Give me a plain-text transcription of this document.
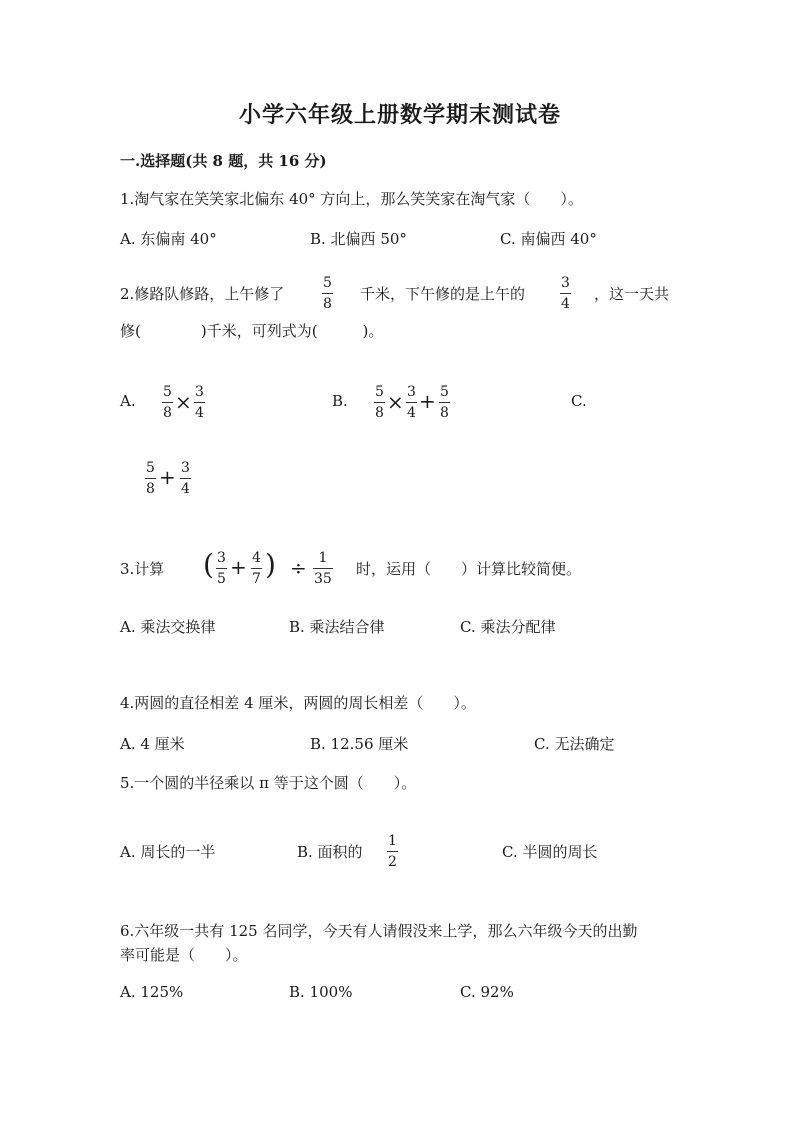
小学六年级上册数学期末测试卷
一.选择题(共 8 题，共 16 分)
1.淘气家在笑笑家北偏东 40° 方向上，那么笑笑家在淘气家（　　）。
A. 东偏南 40°	B. 北偏西 50°	C. 南偏西 40°
2.修路队修路，上午修了
5
8
千米，下午修的是上午的
3
4
，这一天共
修(　　　　)千米，可列式为(　　　)。
A. 5
8 × 3
4
B. 5
8 × 3
4 + 5
8
C.
5
8 + 3
4
3.计算 ( 3
5 + 4
7 ) ÷ 1
35
时，运用（　　）计算比较简便。
A. 乘法交换律	B. 乘法结合律	C. 乘法分配律
4.两圆的直径相差 4 厘米，两圆的周长相差（　　）。
A. 4 厘米	B. 12.56 厘米	C. 无法确定
5.一个圆的半径乘以 π 等于这个圆（　　）。
A. 周长的一半	B. 面积的
1
2
C. 半圆的周长
6.六年级一共有 125 名同学，今天有人请假没来上学，那么六年级今天的出勤
率可能是（　　）。
A. 125%	B. 100%	C. 92%
